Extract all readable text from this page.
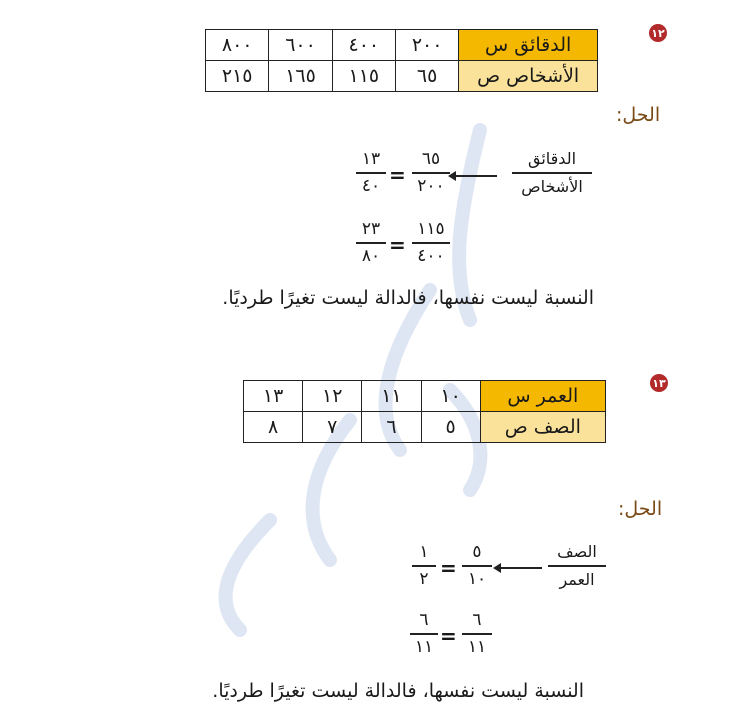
١٢
الدقائق س	٢٠٠	٤٠٠	٦٠٠	٨٠٠
الأشخاص ص	٦٥	١١٥	١٦٥	٢١٥
الحل:
الدقائق
الأشخاص
٦٥
٢٠٠
=
١٣
٤٠
١١٥
٤٠٠
=
٢٣
٨٠
النسبة ليست نفسها، فالدالة ليست تغيرًا طرديًا.
١٣
العمر س	١٠	١١	١٢	١٣
الصف ص	٥	٦	٧	٨
الحل:
الصف
العمر
٥
١٠
=
١
٢
٦
١١
=
٦
١١
النسبة ليست نفسها، فالدالة ليست تغيرًا طرديًا.
